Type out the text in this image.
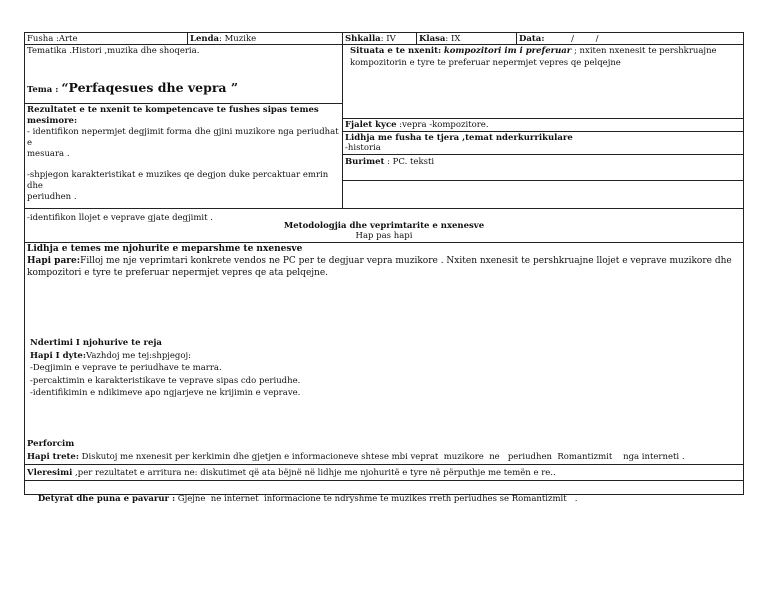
Fusha :Arte	Lenda: Muzike	Shkalla: IV	Klasa: IX	Data:	/        /
Tematika .Histori ,muzika dhe shoqeria.
Tema : “Perfaqesues dhe vepra ”

Rezultatet e te nxenit te kompetencave te fushes sipas temes

mesimore:

- identifikon nepermjet degjimit forma dhe gjini muzikore nga periudhat e

mesuara .

-shpjegon karakteristikat e muzikes qe degjon duke percaktuar emrin dhe

periudhen .

-identifikon llojet e veprave gjate degjimit .

Situata e te nxenit: kompozitori im i preferuar ; nxiten nxenesit te pershkruajne

kompozitorin e tyre te preferuar nepermjet vepres qe pelqejne

Fjalet kyce :vepra -kompozitore.

Lidhja me fusha te tjera ,temat nderkurrikulare

-historia

Burimet : PC. teksti

Metodologjia dhe veprimtarite e nxenesve

Hap pas hapi

Lidhja e temes me njohurite e meparshme te nxenesve

Hapi pare:Filloj me nje veprimtari konkrete vendos ne PC per te degjuar vepra muzikore . Nxiten nxenesit te pershkruajne llojet e veprave muzikore dhe

kompozitori e tyre te preferuar nepermjet vepres qe ata pelqejne.

Ndertimi I njohurive te reja

Hapi I dyte:Vazhdoj me tej:shpjegoj:

-Degjimin e veprave te periudhave te marra.

-percaktimin e karakteristikave te veprave sipas cdo periudhe.

-identifikimin e ndikimeve apo ngjarjeve ne krijimin e veprave.

Perforcim

Hapi trete: Diskutoj me nxenesit per kerkimin dhe gjetjen e informacioneve shtese mbi veprat  muzikore  ne   periudhen  Romantizmit    nga interneti .

Vleresimi ,per rezultatet e arritura ne: diskutimet që ata bëjnë në lidhje me njohuritë e tyre në përputhje me temën e re..

Detyrat dhe puna e pavarur : Gjejne  ne internet  informacione te ndryshme te muzikes rreth periudhes se Romantizmit   .
